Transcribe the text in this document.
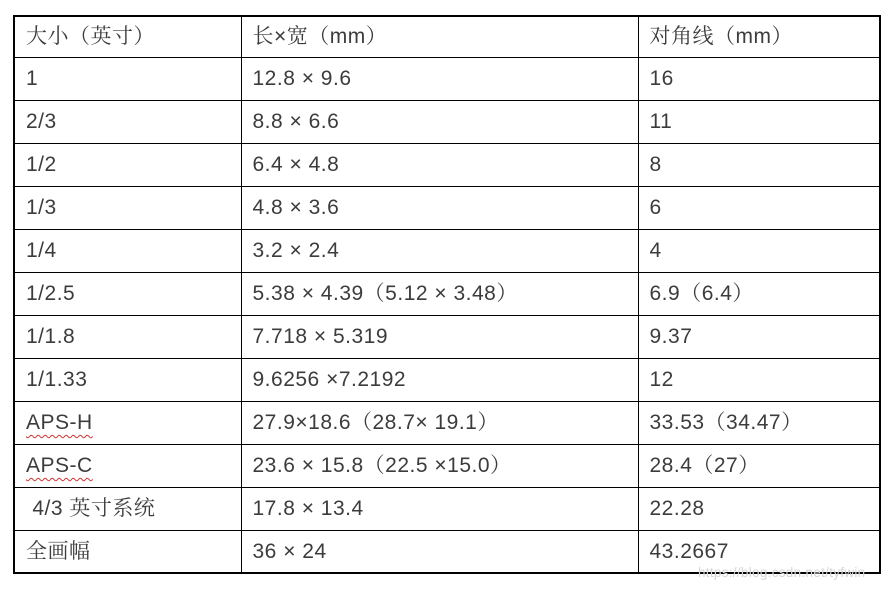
大小（英寸）	长×宽（mm）	对角线（mm）
1	12.8 × 9.6	16
2/3	8.8 × 6.6	11
1/2	6.4 × 4.8	8
1/3	4.8 × 3.6	6
1/4	3.2 × 2.4	4
1/2.5	5.38 × 4.39（5.12 × 3.48）	6.9（6.4）
1/1.8	7.718 × 5.319	9.37
1/1.33	9.6256 ×7.2192	12
APS-H	27.9×18.6（28.7× 19.1）	33.53（34.47）
APS-C	23.6 × 15.8（22.5 ×15.0）	28.4（27）
4/3 英寸系统	17.8 × 13.4	22.28
全画幅	36 × 24	43.2667
https://blog.csdn.net/tyfwin
